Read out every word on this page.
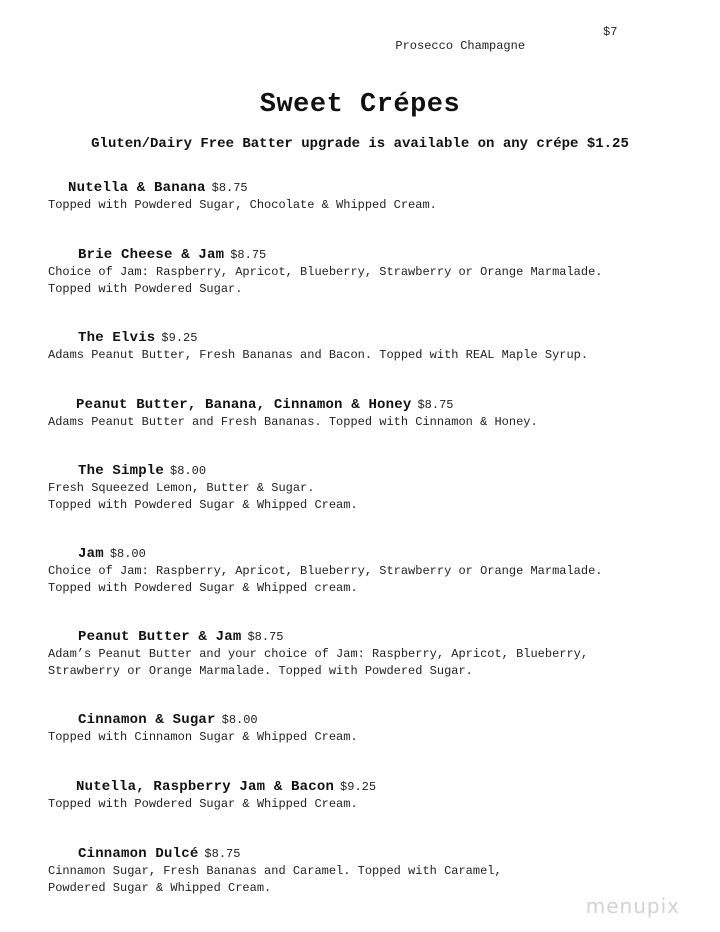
Prosecco Champagne

$7

Sweet Crépes
Gluten/Dairy Free Batter upgrade is available on any crépe $1.25
Nutella & Banana $8.75
Topped with Powdered Sugar, Chocolate & Whipped Cream.
Brie Cheese & Jam $8.75
Choice of Jam: Raspberry, Apricot, Blueberry, Strawberry or Orange Marmalade.
Topped with Powdered Sugar.
The Elvis $9.25
Adams Peanut Butter, Fresh Bananas and Bacon. Topped with REAL Maple Syrup.
Peanut Butter, Banana, Cinnamon & Honey $8.75
Adams Peanut Butter and Fresh Bananas. Topped with Cinnamon & Honey.
The Simple $8.00
Fresh Squeezed Lemon, Butter & Sugar.
Topped with Powdered Sugar & Whipped Cream.
Jam $8.00
Choice of Jam: Raspberry, Apricot, Blueberry, Strawberry or Orange Marmalade.
Topped with Powdered Sugar & Whipped cream.
Peanut Butter & Jam $8.75
Adam’s Peanut Butter and your choice of Jam: Raspberry, Apricot, Blueberry,
Strawberry or Orange Marmalade. Topped with Powdered Sugar.
Cinnamon & Sugar $8.00
Topped with Cinnamon Sugar & Whipped Cream.
Nutella, Raspberry Jam & Bacon $9.25
Topped with Powdered Sugar & Whipped Cream.
Cinnamon Dulcé $8.75
Cinnamon Sugar, Fresh Bananas and Caramel. Topped with Caramel,
Powdered Sugar & Whipped Cream.
menupix
